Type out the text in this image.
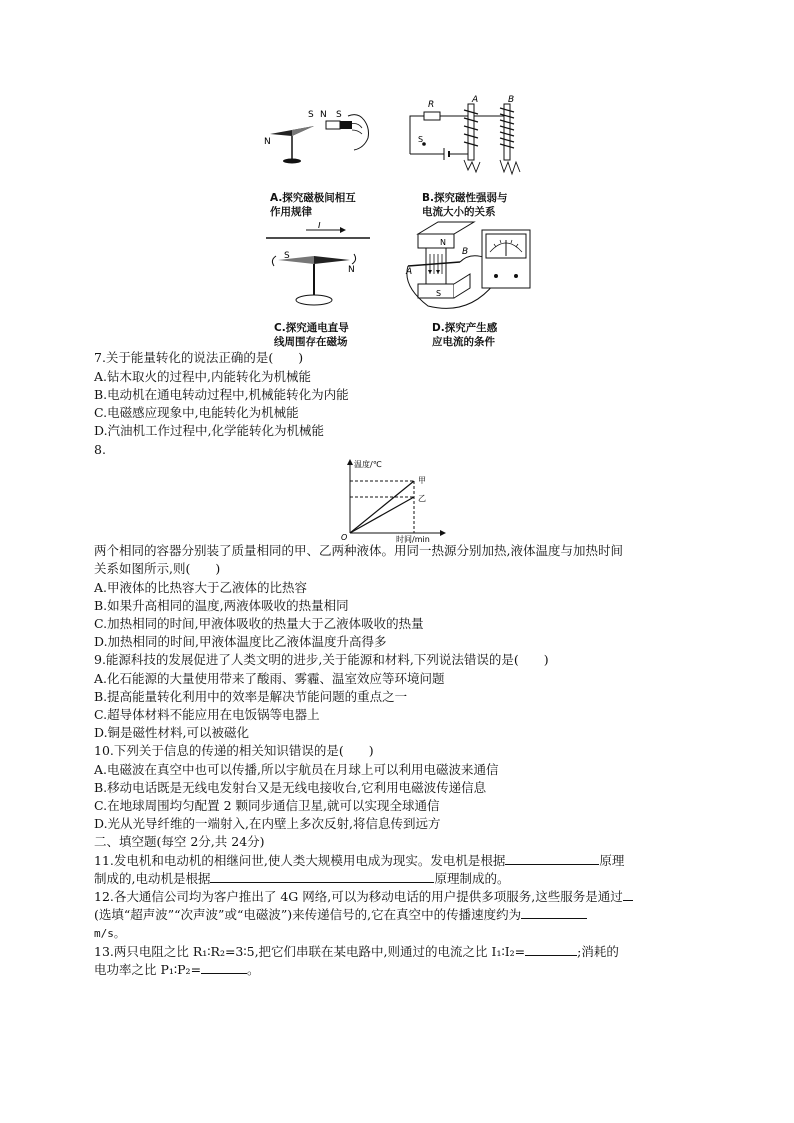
S N S
N
A.探究磁极间相互
作用规律
R	A	B
S
B.探究磁性强弱与
电流大小的关系
I
S
N
C.探究通电直导
线周围存在磁场
A
B
N
S
D.探究产生感
应电流的条件
7.关于能量转化的说法正确的是(　　)
A.钻木取火的过程中,内能转化为机械能
B.电动机在通电转动过程中,机械能转化为内能
C.电磁感应现象中,电能转化为机械能
D.汽油机工作过程中,化学能转化为机械能
8.
温度/℃
时间/min
O
甲
乙
两个相同的容器分别装了质量相同的甲、乙两种液体。用同一热源分别加热,液体温度与加热时间
关系如图所示,则(　　)
A.甲液体的比热容大于乙液体的比热容
B.如果升高相同的温度,两液体吸收的热量相同
C.加热相同的时间,甲液体吸收的热量大于乙液体吸收的热量
D.加热相同的时间,甲液体温度比乙液体温度升高得多
9.能源科技的发展促进了人类文明的进步,关于能源和材料,下列说法错误的是(　　)
A.化石能源的大量使用带来了酸雨、雾霾、温室效应等环境问题
B.提高能量转化利用中的效率是解决节能问题的重点之一
C.超导体材料不能应用在电饭锅等电器上
D.铜是磁性材料,可以被磁化
10.下列关于信息的传递的相关知识错误的是(　　)
A.电磁波在真空中也可以传播,所以宇航员在月球上可以利用电磁波来通信
B.移动电话既是无线电发射台又是无线电接收台,它利用电磁波传递信息
C.在地球周围均匀配置 2 颗同步通信卫星,就可以实现全球通信
D.光从光导纤维的一端射入,在内壁上多次反射,将信息传到远方
二、填空题(每空 2分,共 24分)
11.发电机和电动机的相继问世,使人类大规模用电成为现实。发电机是根据	原理
制成的,电动机是根据	原理制成的。
12.各大通信公司均为客户推出了 4G 网络,可以为移动电话的用户提供多项服务,这些服务是通过
(选填“超声波”“次声波”或“电磁波”)来传递信号的,它在真空中的传播速度约为
m/s。
13.两只电阻之比 R₁∶R₂=3∶5,把它们串联在某电路中,则通过的电流之比 I₁∶I₂=	;消耗的
电功率之比 P₁∶P₂=	。
